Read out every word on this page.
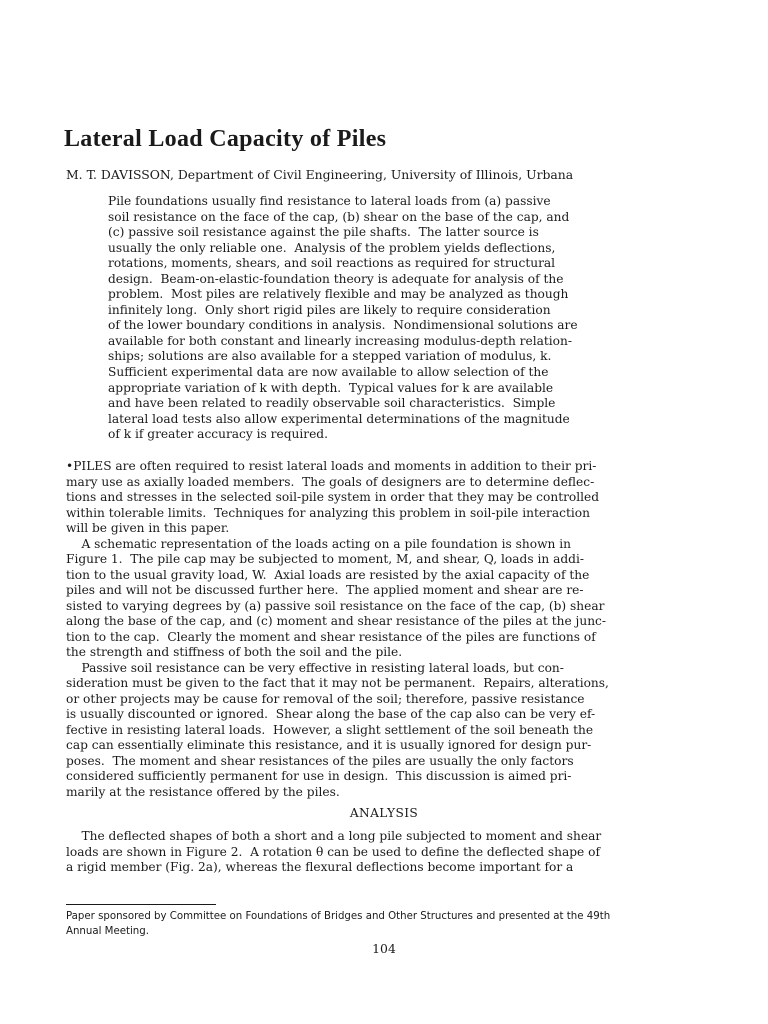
Lateral Load Capacity of Piles

M. T. DAVISSON, Department of Civil Engineering, University of Illinois, Urbana

Pile foundations usually find resistance to lateral loads from (a) passive
soil resistance on the face of the cap, (b) shear on the base of the cap, and
(c) passive soil resistance against the pile shafts.  The latter source is
usually the only reliable one.  Analysis of the problem yields deflections,
rotations, moments, shears, and soil reactions as required for structural
design.  Beam-on-elastic-foundation theory is adequate for analysis of the
problem.  Most piles are relatively flexible and may be analyzed as though
infinitely long.  Only short rigid piles are likely to require consideration
of the lower boundary conditions in analysis.  Nondimensional solutions are
available for both constant and linearly increasing modulus-depth relation-
ships; solutions are also available for a stepped variation of modulus, k.
Sufficient experimental data are now available to allow selection of the
appropriate variation of k with depth.  Typical values for k are available
and have been related to readily observable soil characteristics.  Simple
lateral load tests also allow experimental determinations of the magnitude
of k if greater accuracy is required.
•PILES are often required to resist lateral loads and moments in addition to their pri-
mary use as axially loaded members.  The goals of designers are to determine deflec-
tions and stresses in the selected soil-pile system in order that they may be controlled
within tolerable limits.  Techniques for analyzing this problem in soil-pile interaction
will be given in this paper.
A schematic representation of the loads acting on a pile foundation is shown in
Figure 1.  The pile cap may be subjected to moment, M, and shear, Q, loads in addi-
tion to the usual gravity load, W.  Axial loads are resisted by the axial capacity of the
piles and will not be discussed further here.  The applied moment and shear are re-
sisted to varying degrees by (a) passive soil resistance on the face of the cap, (b) shear
along the base of the cap, and (c) moment and shear resistance of the piles at the junc-
tion to the cap.  Clearly the moment and shear resistance of the piles are functions of
the strength and stiffness of both the soil and the pile.
Passive soil resistance can be very effective in resisting lateral loads, but con-
sideration must be given to the fact that it may not be permanent.  Repairs, alterations,
or other projects may be cause for removal of the soil; therefore, passive resistance
is usually discounted or ignored.  Shear along the base of the cap also can be very ef-
fective in resisting lateral loads.  However, a slight settlement of the soil beneath the
cap can essentially eliminate this resistance, and it is usually ignored for design pur-
poses.  The moment and shear resistances of the piles are usually the only factors
considered sufficiently permanent for use in design.  This discussion is aimed pri-
marily at the resistance offered by the piles.

ANALYSIS

The deflected shapes of both a short and a long pile subjected to moment and shear
loads are shown in Figure 2.  A rotation θ can be used to define the deflected shape of
a rigid member (Fig. 2a), whereas the flexural deflections become important for a
Paper sponsored by Committee on Foundations of Bridges and Other Structures and presented at the 49th
Annual Meeting.
104
